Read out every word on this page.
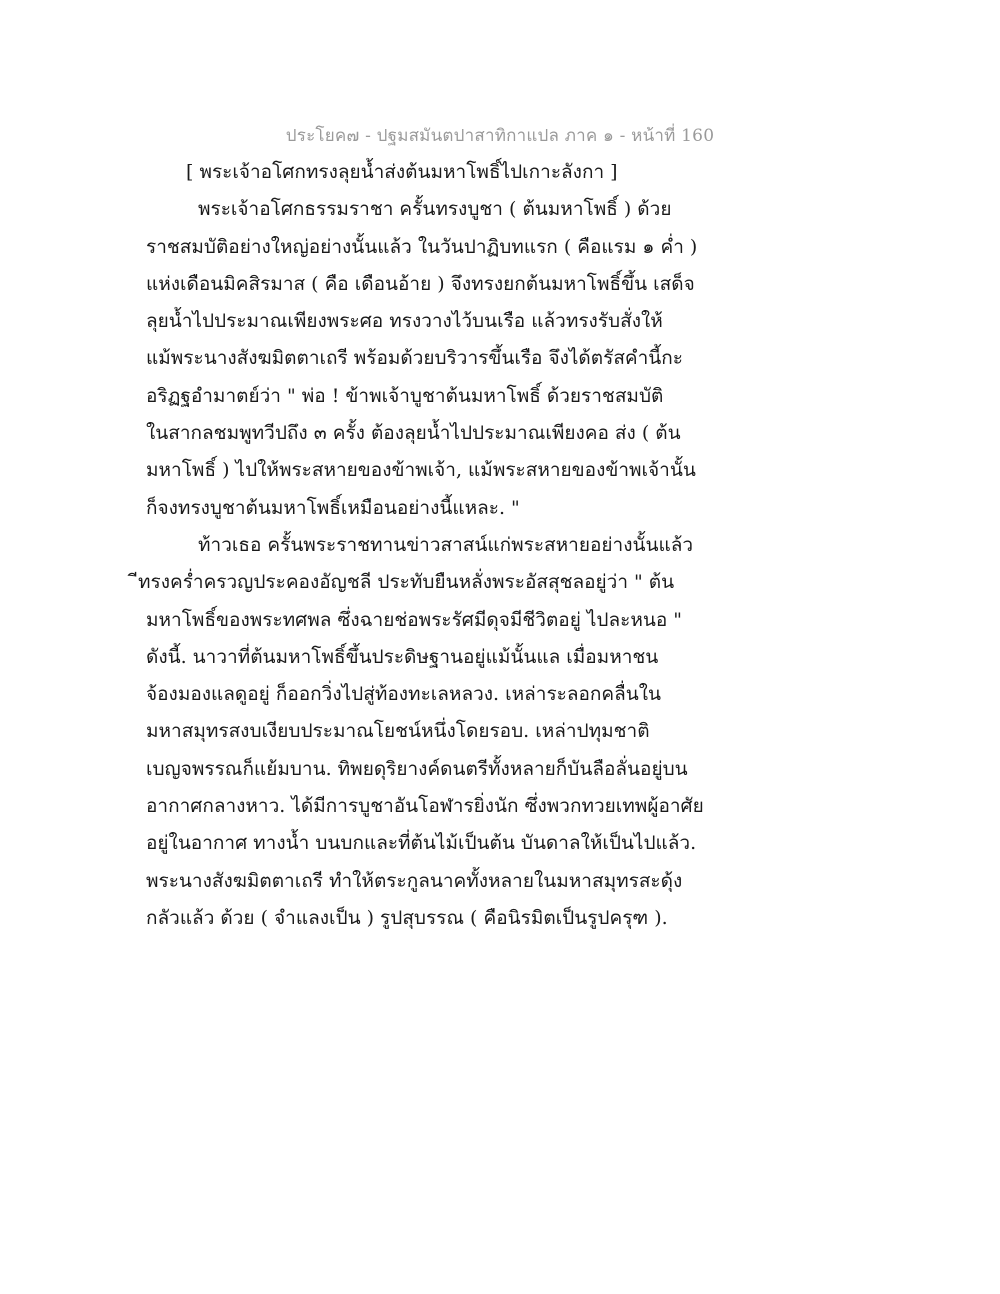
ประโยค๗ - ปฐมสมันตปาสาทิกาแปล ภาค ๑ - หน้าที่ 160
[ พระเจ้าอโศกทรงลุยน้ำส่งต้นมหาโพธิ์ไปเกาะลังกา ]
พระเจ้าอโศกธรรมราชา ครั้นทรงบูชา ( ต้นมหาโพธิ์ ) ด้วย
ราชสมบัติอย่างใหญ่อย่างนั้นแล้ว ในวันปาฏิบทแรก ( คือแรม ๑ ค่ำ )
แห่งเดือนมิคสิรมาส ( คือ เดือนอ้าย ) จึงทรงยกต้นมหาโพธิ์ขึ้น เสด็จ
ลุยน้ำไปประมาณเพียงพระศอ ทรงวางไว้บนเรือ แล้วทรงรับสั่งให้
แม้พระนางสังฆมิตตาเถรี พร้อมด้วยบริวารขึ้นเรือ จึงได้ตรัสคำนี้กะ
อริฏฐอำมาตย์ว่า " พ่อ ! ข้าพเจ้าบูชาต้นมหาโพธิ์ ด้วยราชสมบัติ
ในสากลชมพูทวีปถึง ๓ ครั้ง ต้องลุยน้ำไปประมาณเพียงคอ ส่ง ( ต้น
มหาโพธิ์ ) ไปให้พระสหายของข้าพเจ้า, แม้พระสหายของข้าพเจ้านั้น
ก็จงทรงบูชาต้นมหาโพธิ์เหมือนอย่างนี้แหละ. "
ท้าวเธอ ครั้นพระราชทานข่าวสาสน์แก่พระสหายอย่างนั้นแล้ว
ีทรงคร่ำครวญประคองอัญชลี ประทับยืนหลั่งพระอัสสุชลอยู่ว่า " ต้น
มหาโพธิ์ของพระทศพล ซึ่งฉายช่อพระรัศมีดุจมีชีวิตอยู่ ไปละหนอ "
ดังนี้. นาวาที่ต้นมหาโพธิ์ขึ้นประดิษฐานอยู่แม้นั้นแล เมื่อมหาชน
จ้องมองแลดูอยู่ ก็ออกวิ่งไปสู่ท้องทะเลหลวง. เหล่าระลอกคลื่นใน
มหาสมุทรสงบเงียบประมาณโยชน์หนึ่งโดยรอบ. เหล่าปทุมชาติ
เบญจพรรณก็แย้มบาน. ทิพยดุริยางค์ดนตรีทั้งหลายก็บันลือลั่นอยู่บน
อากาศกลางหาว. ได้มีการบูชาอันโอฬารยิ่งนัก ซึ่งพวกทวยเทพผู้อาศัย
อยู่ในอากาศ ทางน้ำ บนบกและที่ต้นไม้เป็นต้น บันดาลให้เป็นไปแล้ว.
พระนางสังฆมิตตาเถรี ทำให้ตระกูลนาคทั้งหลายในมหาสมุทรสะดุ้ง
กลัวแล้ว ด้วย ( จำแลงเป็น ) รูปสุบรรณ ( คือนิรมิตเป็นรูปครุฑ ).
